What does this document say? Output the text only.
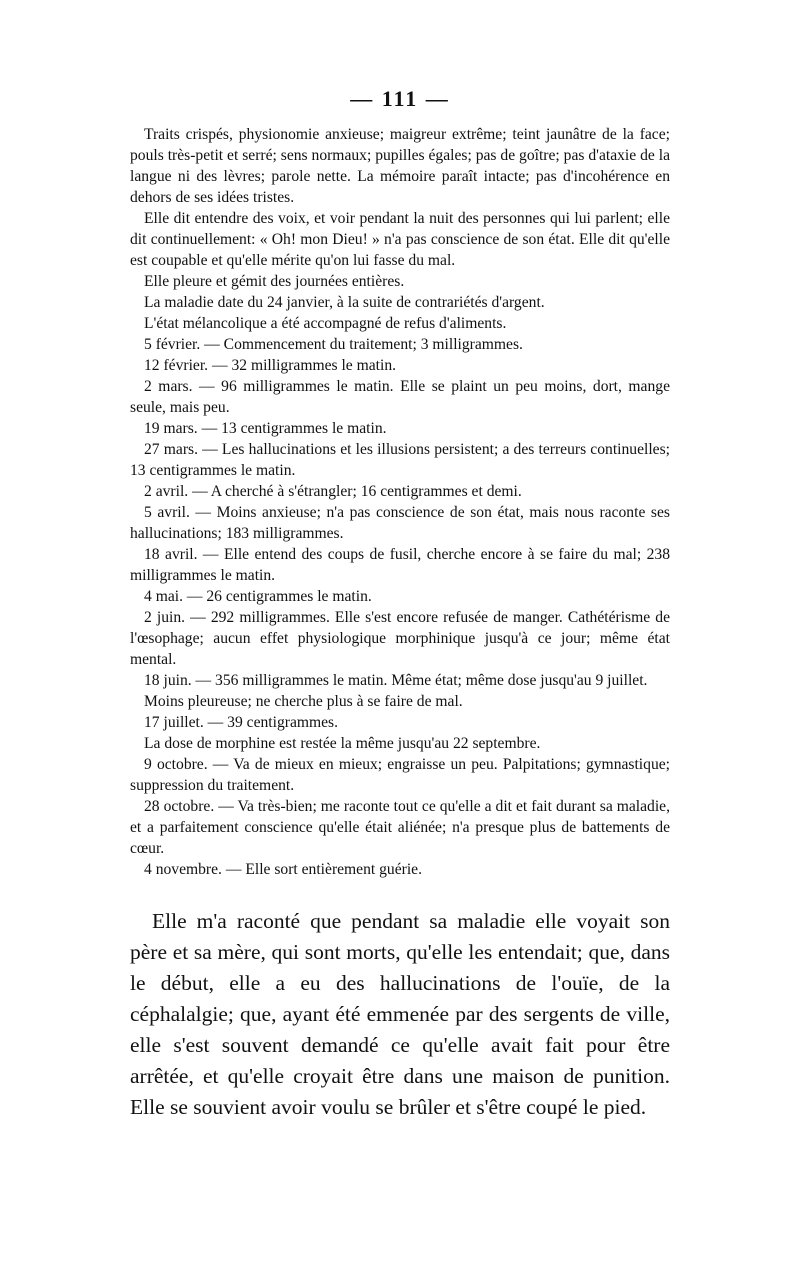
— 111 —

Traits crispés, physionomie anxieuse; maigreur extrême; teint jaunâtre de la face; pouls très-petit et serré; sens normaux; pupilles égales; pas de goître; pas d'ataxie de la langue ni des lèvres; parole nette. La mémoire paraît intacte; pas d'incohérence en dehors de ses idées tristes.

Elle dit entendre des voix, et voir pendant la nuit des personnes qui lui parlent; elle dit continuellement: « Oh! mon Dieu! » n'a pas conscience de son état. Elle dit qu'elle est coupable et qu'elle mérite qu'on lui fasse du mal.

Elle pleure et gémit des journées entières.

La maladie date du 24 janvier, à la suite de contrariétés d'argent.

L'état mélancolique a été accompagné de refus d'aliments.

5 février. — Commencement du traitement; 3 milligrammes.

12 février. — 32 milligrammes le matin.

2 mars. — 96 milligrammes le matin. Elle se plaint un peu moins, dort, mange seule, mais peu.

19 mars. — 13 centigrammes le matin.

27 mars. — Les hallucinations et les illusions persistent; a des terreurs continuelles; 13 centigrammes le matin.

2 avril. — A cherché à s'étrangler; 16 centigrammes et demi.

5 avril. — Moins anxieuse; n'a pas conscience de son état, mais nous raconte ses hallucinations; 183 milligrammes.

18 avril. — Elle entend des coups de fusil, cherche encore à se faire du mal; 238 milligrammes le matin.

4 mai. — 26 centigrammes le matin.

2 juin. — 292 milligrammes. Elle s'est encore refusée de manger. Cathétérisme de l'œsophage; aucun effet physiologique morphinique jusqu'à ce jour; même état mental.

18 juin. — 356 milligrammes le matin. Même état; même dose jusqu'au 9 juillet.

Moins pleureuse; ne cherche plus à se faire de mal.

17 juillet. — 39 centigrammes.

La dose de morphine est restée la même jusqu'au 22 septembre.

9 octobre. — Va de mieux en mieux; engraisse un peu. Palpitations; gymnastique; suppression du traitement.

28 octobre. — Va très-bien; me raconte tout ce qu'elle a dit et fait durant sa maladie, et a parfaitement conscience qu'elle était aliénée; n'a presque plus de battements de cœur.

4 novembre. — Elle sort entièrement guérie.

Elle m'a raconté que pendant sa maladie elle voyait son père et sa mère, qui sont morts, qu'elle les entendait; que, dans le début, elle a eu des hallucinations de l'ouïe, de la céphalalgie; que, ayant été emmenée par des sergents de ville, elle s'est souvent demandé ce qu'elle avait fait pour être arrêtée, et qu'elle croyait être dans une maison de punition. Elle se souvient avoir voulu se brûler et s'être coupé le pied.
